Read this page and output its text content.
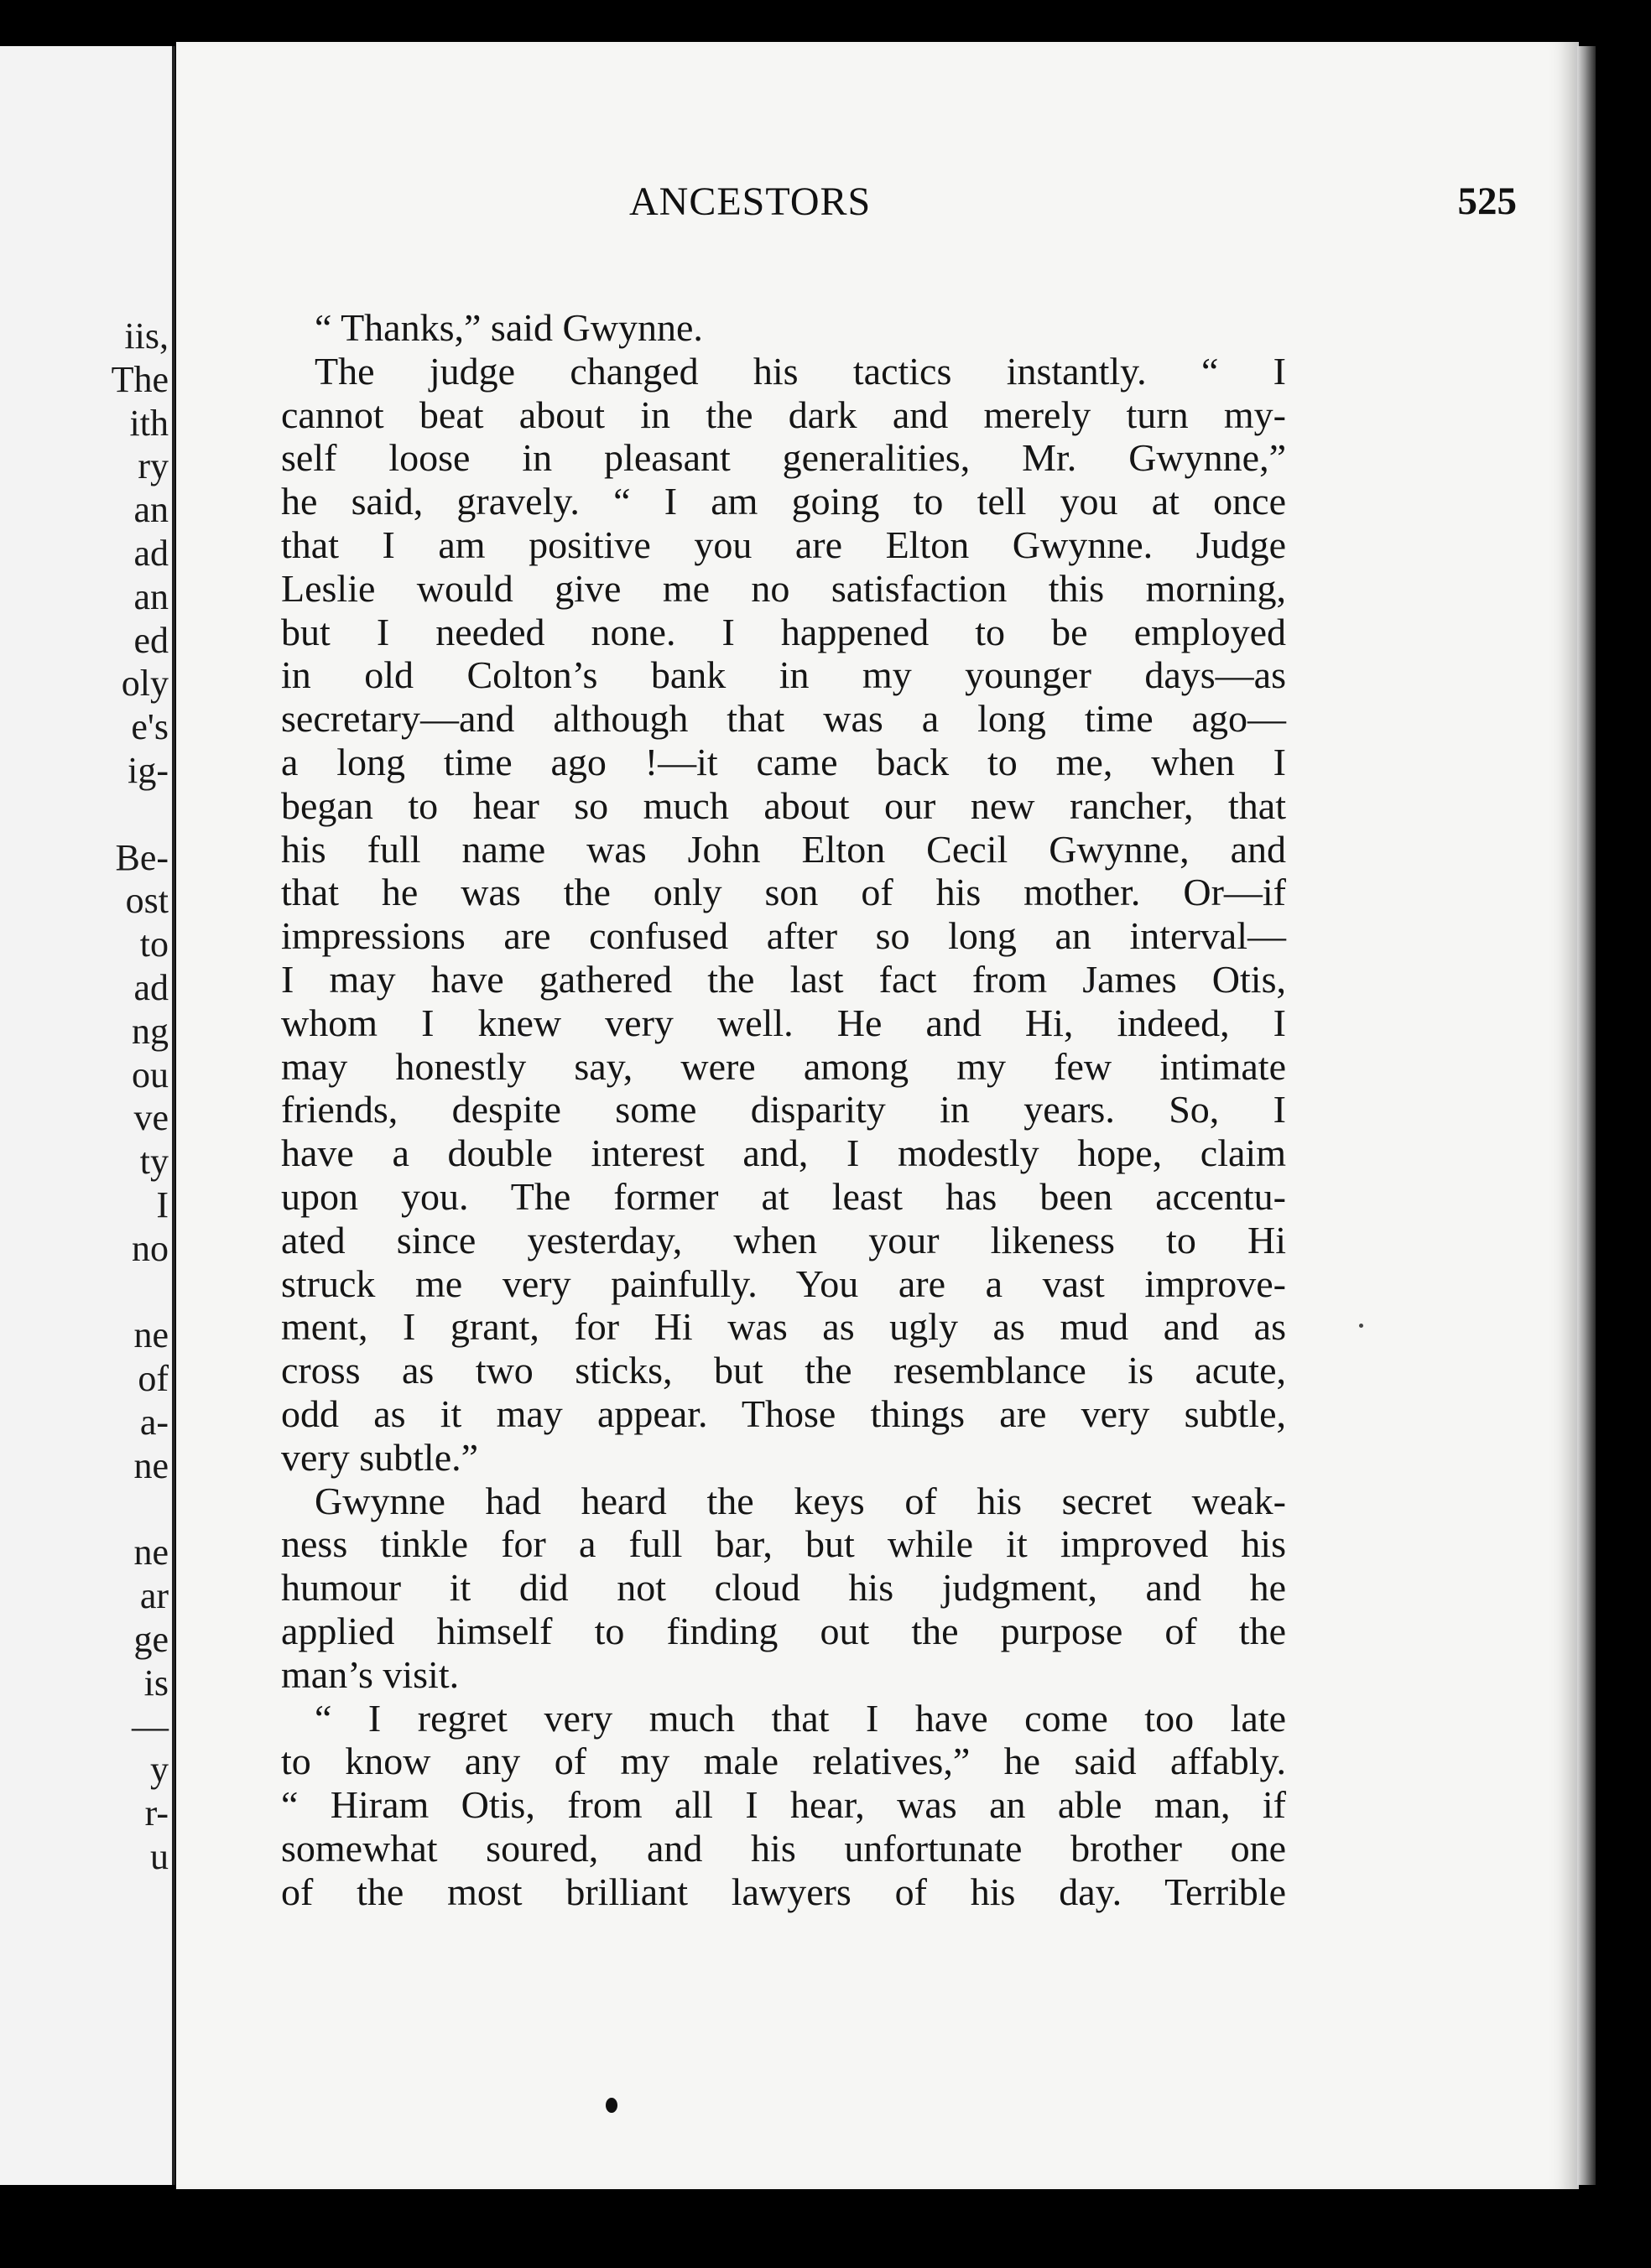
iis,
The
ith
ry
an
ad
an
ed
oly
e's
ig-
Be-
ost
to
ad
ng
ou
ve
ty
I
no
ne
of
a-
ne
ne
ar
ge
is
—
y
r-
u
ANCESTORS	525
“ Thanks,” said Gwynne.
The judge changed his tactics instantly. “ I
cannot beat about in the dark and merely turn my-
self loose in pleasant generalities, Mr. Gwynne,”
he said, gravely. “ I am going to tell you at once
that I am positive you are Elton Gwynne. Judge
Leslie would give me no satisfaction this morning,
but I needed none. I happened to be employed
in old Colton’s bank in my younger days—as
secretary—and although that was a long time ago—
a long time ago !—it came back to me, when I
began to hear so much about our new rancher, that
his full name was John Elton Cecil Gwynne, and
that he was the only son of his mother. Or—if
impressions are confused after so long an interval—
I may have gathered the last fact from James Otis,
whom I knew very well. He and Hi, indeed, I
may honestly say, were among my few intimate
friends, despite some disparity in years. So, I
have a double interest and, I modestly hope, claim
upon you. The former at least has been accentu-
ated since yesterday, when your likeness to Hi
struck me very painfully. You are a vast improve-
ment, I grant, for Hi was as ugly as mud and as
cross as two sticks, but the resemblance is acute,
odd as it may appear. Those things are very subtle,
very subtle.”
Gwynne had heard the keys of his secret weak-
ness tinkle for a full bar, but while it improved his
humour it did not cloud his judgment, and he
applied himself to finding out the purpose of the
man’s visit.
“ I regret very much that I have come too late
to know any of my male relatives,” he said affably.
“ Hiram Otis, from all I hear, was an able man, if
somewhat soured, and his unfortunate brother one
of the most brilliant lawyers of his day. Terrible
